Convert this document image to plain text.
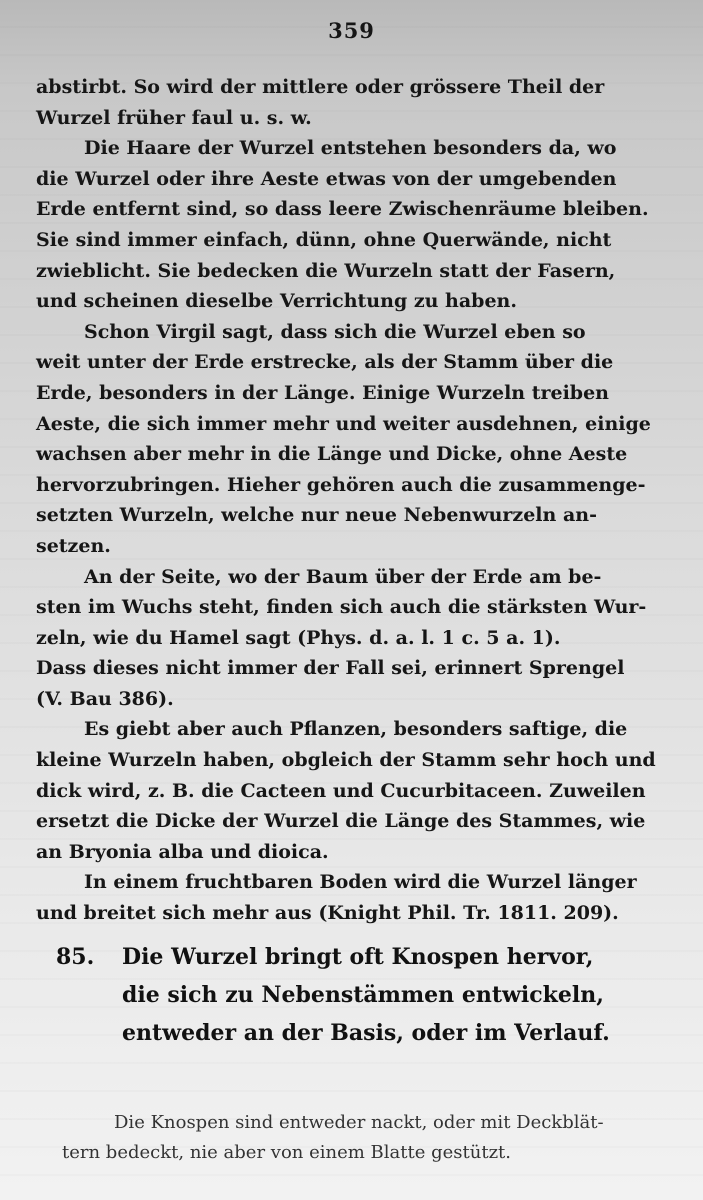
359
abstirbt. So wird der mittlere oder grössere Theil der
Wurzel früher faul u. s. w.
Die Haare der Wurzel entstehen besonders da, wo
die Wurzel oder ihre Aeste etwas von der umgebenden
Erde entfernt sind, so dass leere Zwischenräume bleiben.
Sie sind immer einfach, dünn, ohne Querwände, nicht
zwieblicht. Sie bedecken die Wurzeln statt der Fasern,
und scheinen dieselbe Verrichtung zu haben.
Schon Virgil sagt, dass sich die Wurzel eben so
weit unter der Erde erstrecke, als der Stamm über die
Erde, besonders in der Länge. Einige Wurzeln treiben
Aeste, die sich immer mehr und weiter ausdehnen, einige
wachsen aber mehr in die Länge und Dicke, ohne Aeste
hervorzubringen. Hieher gehören auch die zusammenge-
setzten Wurzeln, welche nur neue Nebenwurzeln an-
setzen.
An der Seite, wo der Baum über der Erde am be-
sten im Wuchs steht, finden sich auch die stärksten Wur-
zeln, wie du Hamel sagt (Phys. d. a. l. 1 c. 5 a. 1).
Dass dieses nicht immer der Fall sei, erinnert Sprengel
(V. Bau 386).
Es giebt aber auch Pflanzen, besonders saftige, die
kleine Wurzeln haben, obgleich der Stamm sehr hoch und
dick wird, z. B. die Cacteen und Cucurbitaceen. Zuweilen
ersetzt die Dicke der Wurzel die Länge des Stammes, wie
an Bryonia alba und dioica.
In einem fruchtbaren Boden wird die Wurzel länger
und breitet sich mehr aus (Knight Phil. Tr. 1811. 209).
85. Die Wurzel bringt oft Knospen hervor,
die sich zu Nebenstämmen entwickeln,
entweder an der Basis, oder im Verlauf.
Die Knospen sind entweder nackt, oder mit Deckblät-
tern bedeckt, nie aber von einem Blatte gestützt.
